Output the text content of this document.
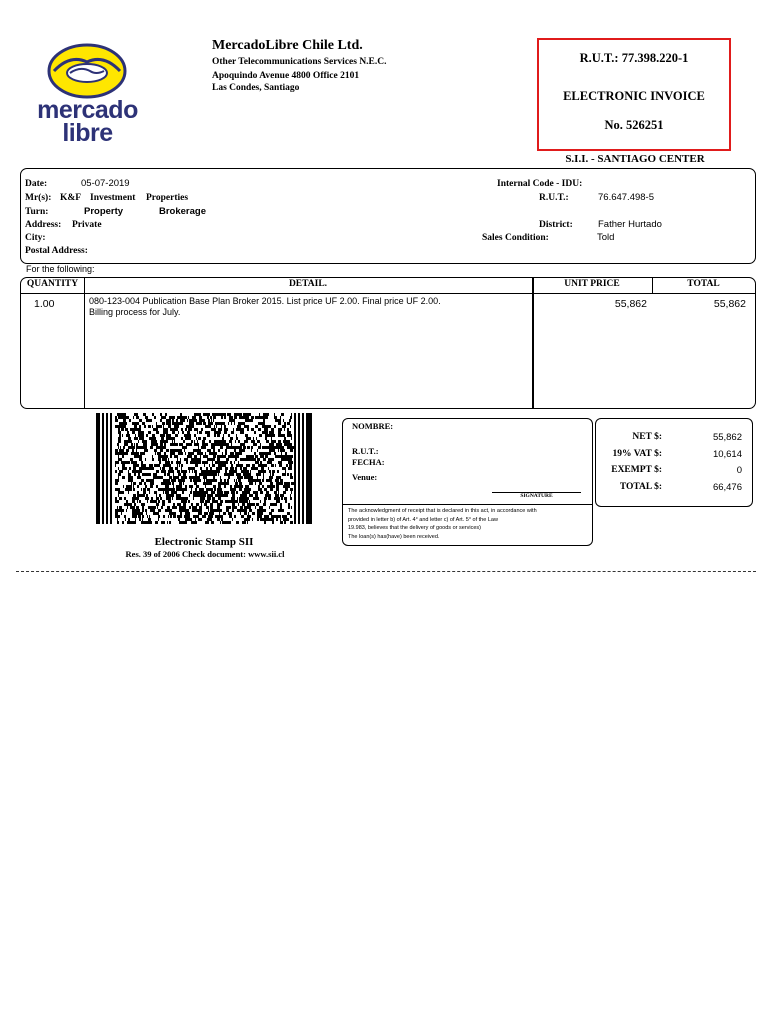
mercado
libre
MercadoLibre Chile Ltd.
Other Telecommunications Services N.E.C.
Apoquindo Avenue 4800 Office 2101
Las Condes, Santiago
R.U.T.: 77.398.220-1
ELECTRONIC INVOICE
No. 526251
S.I.I. - SANTIAGO CENTER
Date:	05-07-2019
Mr(s): K&F Investment Properties
Turn:	Property	Brokerage
Address: Private
City:
Postal Address:
Internal Code - IDU:
R.U.T.:	76.647.498-5
District:	Father Hurtado
Sales Condition:	Told
For the following:
QUANTITY	DETAIL.	UNIT PRICE	TOTAL
1.00	080-123-004 Publication Base Plan Broker 2015. List price UF 2.00. Final price UF 2.00.
Billing process for July.
55,862	55,862
Electronic Stamp SII
Res. 39 of 2006 Check document: www.sii.cl
NOMBRE:
R.U.T.:
FECHA:
Venue:
SIGNATURE
The acknowledgment of receipt that is declared in this act, in accordance with
provided in letter b) of Art. 4° and letter c) of Art. 5° of the Law
19.983, believes that the delivery of goods or services)
The loan(s) has(have) been received.
NET $:	55,862
19% VAT $:	10,614
EXEMPT $:	0
TOTAL $:	66,476
